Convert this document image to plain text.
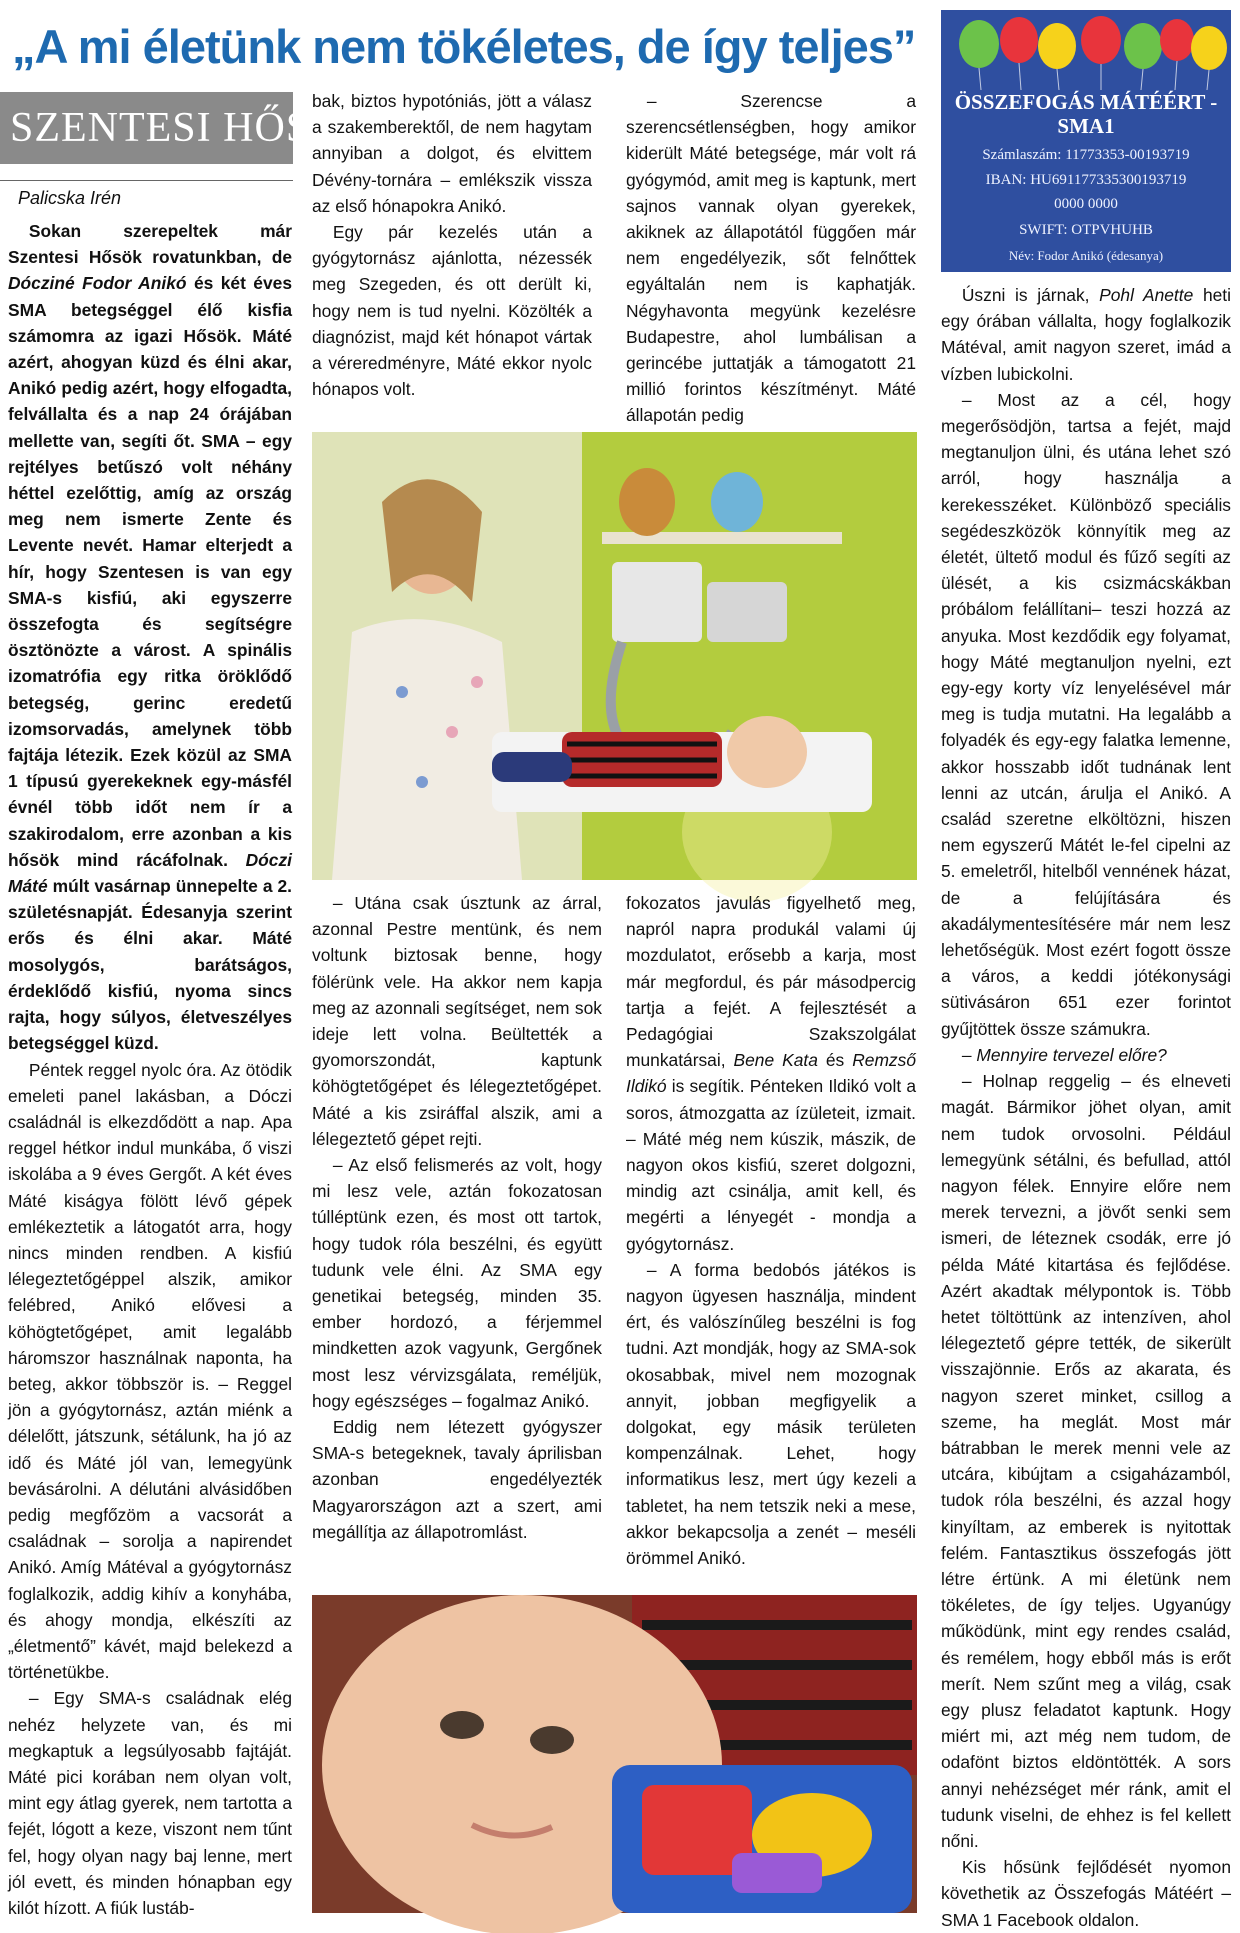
„A mi életünk nem tökéletes, de így teljes”
SZENTESI HŐSÖK
Palicska Irén

Sokan szerepeltek már Szentesi Hősök rovatunkban, de Dócziné Fodor Anikó és két éves SMA betegséggel élő kisfia számomra az igazi Hősök. Máté azért, ahogyan küzd és élni akar, Anikó pedig azért, hogy elfogadta, felvállalta és a nap 24 órájában mellette van, segíti őt. SMA – egy rejtélyes betűszó volt néhány héttel ezelőttig, amíg az ország meg nem ismerte Zente és Levente nevét. Hamar elterjedt a hír, hogy Szentesen is van egy SMA-s kisfiú, aki egyszerre összefogta és segítségre ösztönözte a várost. A spinális izomatrófia egy ritka öröklődő betegség, gerinc eredetű izomsorvadás, amelynek több fajtája létezik. Ezek közül az SMA 1 típusú gyerekeknek egy-másfél évnél több időt nem ír a szakirodalom, erre azonban a kis hősök mind rácáfolnak. Dóczi Máté múlt vasárnap ünnepelte a 2. születésnapját. Édesanyja szerint erős és élni akar. Máté mosolygós, barátságos, érdeklődő kisfiú, nyoma sincs rajta, hogy súlyos, életveszélyes betegséggel küzd.

Péntek reggel nyolc óra. Az ötödik emeleti panel lakásban, a Dóczi családnál is elkezdődött a nap. Apa reggel hétkor indul munkába, ő viszi iskolába a 9 éves Gergőt. A két éves Máté kiságya fölött lévő gépek emlékeztetik a látogatót arra, hogy nincs minden rendben. A kisfiú lélegeztetőgéppel alszik, amikor felébred, Anikó elővesi a köhögtetőgépet, amit legalább háromszor használnak naponta, ha beteg, akkor többször is. – Reggel jön a gyógytornász, aztán miénk a délelőtt, játszunk, sétálunk, ha jó az idő és Máté jól van, lemegyünk bevásárolni. A délutáni alvásidőben pedig megfőzöm a vacsorát a családnak – sorolja a napirendet Anikó. Amíg Mátéval a gyógytornász foglalkozik, addig kihív a konyhába, és ahogy mondja, elkészíti az „életmentő” kávét, majd belekezd a történetükbe.

– Egy SMA-s családnak elég nehéz helyzete van, és mi megkaptuk a legsúlyosabb fajtáját. Máté pici korában nem olyan volt, mint egy átlag gyerek, nem tartotta a fejét, lógott a keze, viszont nem tűnt fel, hogy olyan nagy baj lenne, mert jól evett, és minden hónapban egy kilót hízott. A fiúk lustáb-

bak, biztos hypotóniás, jött a válasz a szakemberektől, de nem hagytam annyiban a dolgot, és elvittem Dévény-tornára – emlékszik vissza az első hónapokra Anikó.

Egy pár kezelés után a gyógytornász ajánlotta, nézessék meg Szegeden, és ott derült ki, hogy nem is tud nyelni. Közölték a diagnózist, majd két hónapot vártak a véreredményre, Máté ekkor nyolc hónapos volt.

– Szerencse a szerencsétlenségben, hogy amikor kiderült Máté betegsége, már volt rá gyógymód, amit meg is kaptunk, mert sajnos vannak olyan gyerekek, akiknek az állapotától függően már nem engedélyezik, sőt felnőttek egyáltalán nem is kaphatják. Négyhavonta megyünk kezelésre Budapestre, ahol lumbálisan a gerincébe juttatják a támogatott 21 millió forintos készítményt. Máté állapotán pedig

ÖSSZEFOGÁS MÁTÉÉRT -
SMA1
Számlaszám: 11773353-00193719
IBAN: HU691177335300193719
0000 0000
SWIFT: OTPVHUHB
Név: Fodor Anikó (édesanya)

– Utána csak úsztunk az árral, azonnal Pestre mentünk, és nem voltunk biztosak benne, hogy fölérünk vele. Ha akkor nem kapja meg az azonnali segítséget, nem sok ideje lett volna. Beültették a gyomorszondát, kaptunk köhögtetőgépet és lélegeztetőgépet. Máté a kis zsiráffal alszik, ami a lélegeztető gépet rejti.

– Az első felismerés az volt, hogy mi lesz vele, aztán fokozatosan túlléptünk ezen, és most ott tartok, hogy tudok róla beszélni, és együtt tudunk vele élni. Az SMA egy genetikai betegség, minden 35. ember hordozó, a férjemmel mindketten azok vagyunk, Gergőnek most lesz vérvizsgálata, reméljük, hogy egészséges – fogalmaz Anikó.

Eddig nem létezett gyógyszer SMA-s betegeknek, tavaly áprilisban azonban engedélyezték Magyarországon azt a szert, ami megállítja az állapotromlást.

fokozatos javulás figyelhető meg, napról napra produkál valami új mozdulatot, erősebb a karja, most már megfordul, és pár másodpercig tartja a fejét. A fejlesztését a Pedagógiai Szakszolgálat munkatársai, Bene Kata és Remzső Ildikó is segítik. Pénteken Ildikó volt a soros, átmozgatta az ízületeit, izmait. – Máté még nem kúszik, mászik, de nagyon okos kisfiú, szeret dolgozni, mindig azt csinálja, amit kell, és megérti a lényegét - mondja a gyógytornász.

– A forma bedobós játékos is nagyon ügyesen használja, mindent ért, és valószínűleg beszélni is fog tudni. Azt mondják, hogy az SMA-sok okosabbak, mivel nem mozognak annyit, jobban megfigyelik a dolgokat, egy másik területen kompenzálnak. Lehet, hogy informatikus lesz, mert úgy kezeli a tabletet, ha nem tetszik neki a mese, akkor bekapcsolja a zenét – meséli örömmel Anikó.

Úszni is járnak, Pohl Anette heti egy órában vállalta, hogy foglalkozik Mátéval, amit nagyon szeret, imád a vízben lubickolni.

– Most az a cél, hogy megerősödjön, tartsa a fejét, majd megtanuljon ülni, és utána lehet szó arról, hogy használja a kerekesszéket. Különböző speciális segédeszközök könnyítik meg az életét, ültető modul és fűző segíti az ülését, a kis csizmácskákban próbálom felállítani– teszi hozzá az anyuka. Most kezdődik egy folyamat, hogy Máté megtanuljon nyelni, ezt egy-egy korty víz lenyelésével már meg is tudja mutatni. Ha legalább a folyadék és egy-egy falatka lemenne, akkor hosszabb időt tudnának lent lenni az utcán, árulja el Anikó. A család szeretne elköltözni, hiszen nem egyszerű Mátét le-fel cipelni az 5. emeletről, hitelből vennének házat, de a felújítására és akadálymentesítésére már nem lesz lehetőségük. Most ezért fogott össze a város, a keddi jótékonysági sütivásáron 651 ezer forintot gyűjtöttek össze számukra.

– Mennyire tervezel előre?

– Holnap reggelig – és elneveti magát. Bármikor jöhet olyan, amit nem tudok orvosolni. Például lemegyünk sétálni, és befullad, attól nagyon félek. Ennyire előre nem merek tervezni, a jövőt senki sem ismeri, de léteznek csodák, erre jó példa Máté kitartása és fejlődése. Azért akadtak mélypontok is. Több hetet töltöttünk az intenzíven, ahol lélegeztető gépre tették, de sikerült visszajönnie. Erős az akarata, és nagyon szeret minket, csillog a szeme, ha meglát. Most már bátrabban le merek menni vele az utcára, kibújtam a csigaházamból, tudok róla beszélni, és azzal hogy kinyíltam, az emberek is nyitottak felém. Fantasztikus összefogás jött létre értünk. A mi életünk nem tökéletes, de így teljes. Ugyanúgy működünk, mint egy rendes család, és remélem, hogy ebből más is erőt merít. Nem szűnt meg a világ, csak egy plusz feladatot kaptunk. Hogy miért mi, azt még nem tudom, de odafönt biztos eldöntötték. A sors annyi nehézséget mér ránk, amit el tudunk viselni, de ehhez is fel kellett nőni.

Kis hősünk fejlődését nyomon követhetik az Összefogás Mátéért – SMA 1 Facebook oldalon.
